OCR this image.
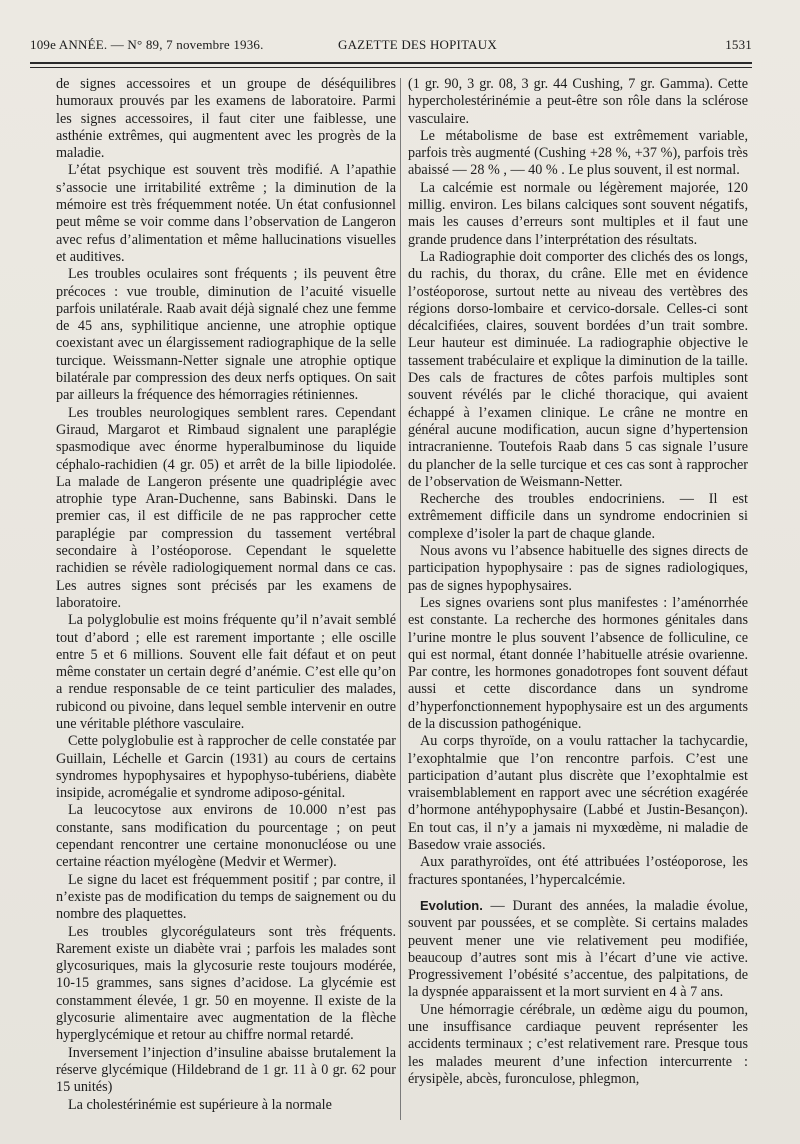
109e ANNÉE. — N° 89, 7 novembre 1936.	GAZETTE DES HOPITAUX	1531

de signes accessoires et un groupe de déséquilibres humoraux prouvés par les examens de laboratoire. Parmi les signes accessoires, il faut citer une faiblesse, une asthénie extrêmes, qui augmentent avec les progrès de la maladie.

L’état psychique est souvent très modifié. A l’apathie s’associe une irritabilité extrême ; la diminution de la mémoire est très fréquemment notée. Un état confusionnel peut même se voir comme dans l’observation de Langeron avec refus d’alimentation et même hallucinations visuelles et auditives.

Les troubles oculaires sont fréquents ; ils peuvent être précoces : vue trouble, diminution de l’acuité visuelle parfois unilatérale. Raab avait déjà signalé chez une femme de 45 ans, syphilitique ancienne, une atrophie optique coexistant avec un élargissement radiographique de la selle turcique. Weissmann-Netter signale une atrophie optique bilatérale par compression des deux nerfs optiques. On sait par ailleurs la fréquence des hémorragies rétiniennes.

Les troubles neurologiques semblent rares. Cependant Giraud, Margarot et Rimbaud signalent une paraplégie spasmodique avec énorme hyperalbuminose du liquide céphalo-rachidien (4 gr. 05) et arrêt de la bille lipiodolée. La malade de Langeron présente une quadriplégie avec atrophie type Aran-Duchenne, sans Babinski. Dans le premier cas, il est difficile de ne pas rapprocher cette paraplégie par compression du tassement vertébral secondaire à l’ostéoporose. Cependant le squelette rachidien se révèle radiologiquement normal dans ce cas. Les autres signes sont précisés par les examens de laboratoire.

La polyglobulie est moins fréquente qu’il n’avait semblé tout d’abord ; elle est rarement importante ; elle oscille entre 5 et 6 millions. Souvent elle fait défaut et on peut même constater un certain degré d’anémie. C’est elle qu’on a rendue responsable de ce teint particulier des malades, rubicond ou pivoine, dans lequel semble intervenir en outre une véritable pléthore vasculaire.

Cette polyglobulie est à rapprocher de celle constatée par Guillain, Léchelle et Garcin (1931) au cours de certains syndromes hypophysaires et hypophyso-tubériens, diabète insipide, acromégalie et syndrome adiposo-génital.

La leucocytose aux environs de 10.000 n’est pas constante, sans modification du pourcentage ; on peut cependant rencontrer une certaine mononucléose ou une certaine réaction myélogène (Medvir et Wermer).

Le signe du lacet est fréquemment positif ; par contre, il n’existe pas de modification du temps de saignement ou du nombre des plaquettes.

Les troubles glycorégulateurs sont très fréquents. Rarement existe un diabète vrai ; parfois les malades sont glycosuriques, mais la glycosurie reste toujours modérée, 10-15 grammes, sans signes d’acidose. La glycémie est constamment élevée, 1 gr. 50 en moyenne. Il existe de la glycosurie alimentaire avec augmentation de la flèche hyperglycémique et retour au chiffre normal retardé.

Inversement l’injection d’insuline abaisse brutalement la réserve glycémique (Hildebrand de 1 gr. 11 à 0 gr. 62 pour 15 unités)

La cholestérinémie est supérieure à la normale

(1 gr. 90, 3 gr. 08, 3 gr. 44 Cushing, 7 gr. Gamma). Cette hypercholestérinémie a peut-être son rôle dans la sclérose vasculaire.

Le métabolisme de base est extrêmement variable, parfois très augmenté (Cushing +28 %, +37 %), parfois très abaissé — 28 % , — 40 % . Le plus souvent, il est normal.

La calcémie est normale ou légèrement majorée, 120 millig. environ. Les bilans calciques sont souvent négatifs, mais les causes d’erreurs sont multiples et il faut une grande prudence dans l’interprétation des résultats.

La Radiographie doit comporter des clichés des os longs, du rachis, du thorax, du crâne. Elle met en évidence l’ostéoporose, surtout nette au niveau des vertèbres des régions dorso-lombaire et cervico-dorsale. Celles-ci sont décalcifiées, claires, souvent bordées d’un trait sombre. Leur hauteur est diminuée. La radiographie objective le tassement trabéculaire et explique la diminution de la taille. Des cals de fractures de côtes parfois multiples sont souvent révélés par le cliché thoracique, qui avaient échappé à l’examen clinique. Le crâne ne montre en général aucune modification, aucun signe d’hypertension intracranienne. Toutefois Raab dans 5 cas signale l’usure du plancher de la selle turcique et ces cas sont à rapprocher de l’observation de Weismann-Netter.

Recherche des troubles endocriniens. — Il est extrêmement difficile dans un syndrome endocrinien si complexe d’isoler la part de chaque glande.

Nous avons vu l’absence habituelle des signes directs de participation hypophysaire : pas de signes radiologiques, pas de signes hypophysaires.

Les signes ovariens sont plus manifestes : l’aménorrhée est constante. La recherche des hormones génitales dans l’urine montre le plus souvent l’absence de folliculine, ce qui est normal, étant donnée l’habituelle atrésie ovarienne. Par contre, les hormones gonadotropes font souvent défaut aussi et cette discordance dans un syndrome d’hyperfonctionnement hypophysaire est un des arguments de la discussion pathogénique.

Au corps thyroïde, on a voulu rattacher la tachycardie, l’exophtalmie que l’on rencontre parfois. C’est une participation d’autant plus discrète que l’exophtalmie est vraisemblablement en rapport avec une sécrétion exagérée d’hormone antéhypophysaire (Labbé et Justin-Besançon). En tout cas, il n’y a jamais ni myxœdème, ni maladie de Basedow vraie associés.

Aux parathyroïdes, ont été attribuées l’ostéoporose, les fractures spontanées, l’hypercalcémie.

Evolution. — Durant des années, la maladie évolue, souvent par poussées, et se complète. Si certains malades peuvent mener une vie relativement peu modifiée, beaucoup d’autres sont mis à l’écart d’une vie active. Progressivement l’obésité s’accentue, des palpitations, de la dyspnée apparaissent et la mort survient en 4 à 7 ans.

Une hémorragie cérébrale, un œdème aigu du poumon, une insuffisance cardiaque peuvent représenter les accidents terminaux ; c’est relativement rare. Presque tous les malades meurent d’une infection intercurrente : érysipèle, abcès, furonculose, phlegmon,
